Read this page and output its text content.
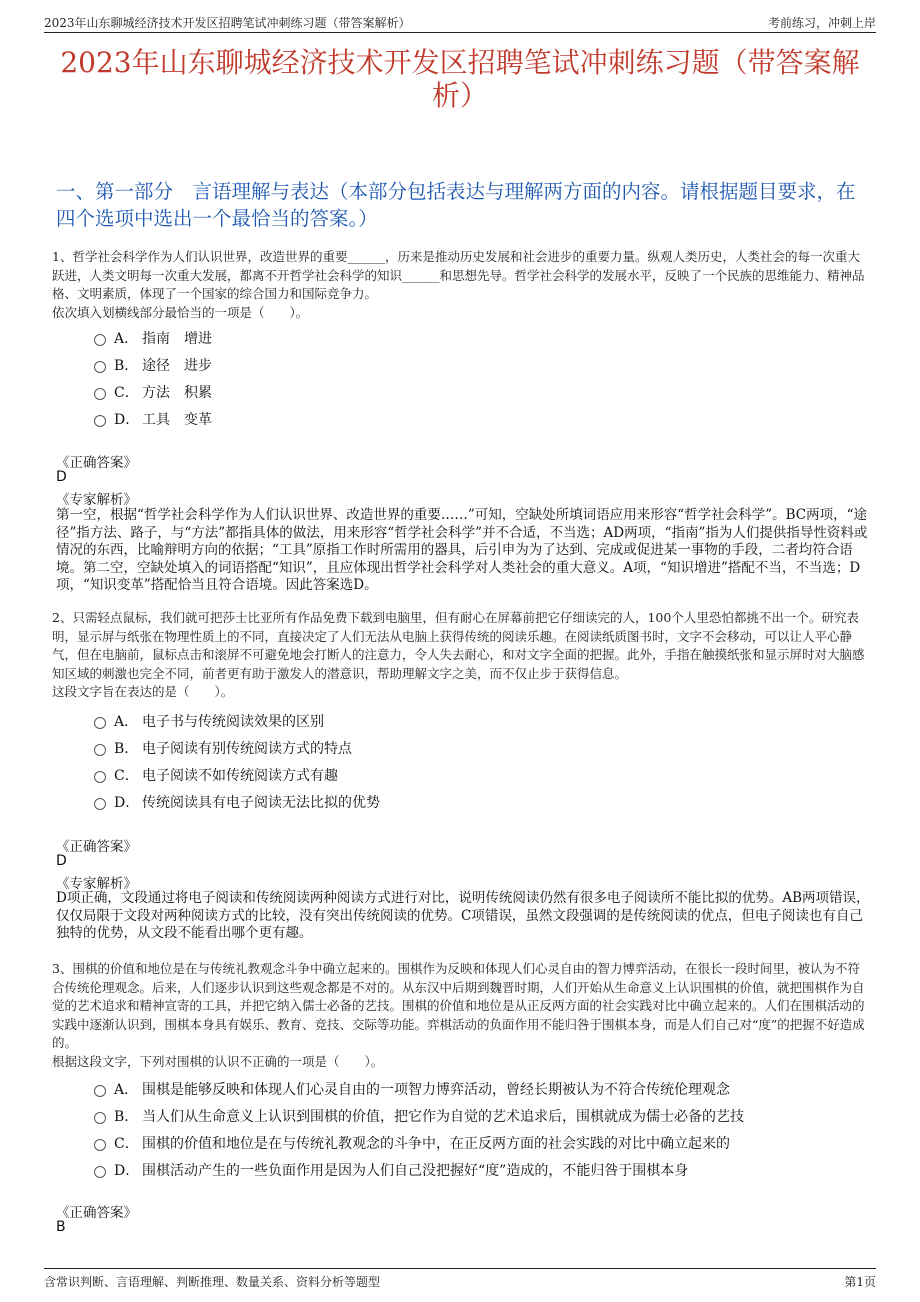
2023年山东聊城经济技术开发区招聘笔试冲刺练习题（带答案解析）	考前练习，冲刺上岸
2023年山东聊城经济技术开发区招聘笔试冲刺练习题（带答案解析）
一、第一部分　言语理解与表达（本部分包括表达与理解两方面的内容。请根据题目要求，在四个选项中选出一个最恰当的答案。）
1、哲学社会科学作为人们认识世界，改造世界的重要______，历来是推动历史发展和社会进步的重要力量。纵观人类历史，人类社会的每一次重大跃进，人类文明每一次重大发展，都离不开哲学社会科学的知识______和思想先导。哲学社会科学的发展水平，反映了一个民族的思维能力、精神品格、文明素质，体现了一个国家的综合国力和国际竞争力。
依次填入划横线部分最恰当的一项是（　　）。
A． 指南　增进
B． 途径　进步
C． 方法　积累
D． 工具　变革
《正确答案》
D
《专家解析》
第一空，根据“哲学社会科学作为人们认识世界、改造世界的重要……”可知，空缺处所填词语应用来形容“哲学社会科学”。BC两项，“途径”指方法、路子，与“方法”都指具体的做法，用来形容“哲学社会科学”并不合适，不当选；AD两项，“指南”指为人们提供指导性资料或情况的东西，比喻辩明方向的依据；“工具”原指工作时所需用的器具，后引申为为了达到、完成或促进某一事物的手段，二者均符合语境。第二空，空缺处填入的词语搭配“知识”，且应体现出哲学社会科学对人类社会的重大意义。A项，“知识增进”搭配不当，不当选；D项，“知识变革”搭配恰当且符合语境。因此答案选D。
2、只需轻点鼠标，我们就可把莎士比亚所有作品免费下载到电脑里，但有耐心在屏幕前把它仔细读完的人，100个人里恐怕都挑不出一个。研究表明，显示屏与纸张在物理性质上的不同，直接决定了人们无法从电脑上获得传统的阅读乐趣。在阅读纸质图书时，文字不会移动，可以让人平心静气，但在电脑前，鼠标点击和滚屏不可避免地会打断人的注意力，令人失去耐心，和对文字全面的把握。此外，手指在触摸纸张和显示屏时对大脑感知区域的刺激也完全不同，前者更有助于激发人的潜意识，帮助理解文字之美，而不仅止步于获得信息。
这段文字旨在表达的是（　　）。
A． 电子书与传统阅读效果的区别
B． 电子阅读有别传统阅读方式的特点
C． 电子阅读不如传统阅读方式有趣
D． 传统阅读具有电子阅读无法比拟的优势
《正确答案》
D
《专家解析》
D项正确，文段通过将电子阅读和传统阅读两种阅读方式进行对比，说明传统阅读仍然有很多电子阅读所不能比拟的优势。AB两项错误，仅仅局限于文段对两种阅读方式的比较，没有突出传统阅读的优势。C项错误，虽然文段强调的是传统阅读的优点，但电子阅读也有自己独特的优势，从文段不能看出哪个更有趣。
3、围棋的价值和地位是在与传统礼教观念斗争中确立起来的。围棋作为反映和体现人们心灵自由的智力博弈活动，在很长一段时间里，被认为不符合传统伦理观念。后来，人们逐步认识到这些观念都是不对的。从东汉中后期到魏晋时期，人们开始从生命意义上认识围棋的价值，就把围棋作为自觉的艺术追求和精神宣寄的工具，并把它纳入儒士必备的艺技。围棋的价值和地位是从正反两方面的社会实践对比中确立起来的。人们在围棋活动的实践中逐渐认识到，围棋本身具有娱乐、教育、竞技、交际等功能。弈棋活动的负面作用不能归咎于围棋本身，而是人们自己对“度”的把握不好造成的。
根据这段文字，下列对围棋的认识不正确的一项是（　　）。
A． 围棋是能够反映和体现人们心灵自由的一项智力博弈活动，曾经长期被认为不符合传统伦理观念
B． 当人们从生命意义上认识到围棋的价值，把它作为自觉的艺术追求后，围棋就成为儒士必备的艺技
C． 围棋的价值和地位是在与传统礼教观念的斗争中，在正反两方面的社会实践的对比中确立起来的
D． 围棋活动产生的一些负面作用是因为人们自己没把握好“度”造成的，不能归咎于围棋本身
《正确答案》
B
含常识判断、言语理解、判断推理、数量关系、资料分析等题型	第1页
